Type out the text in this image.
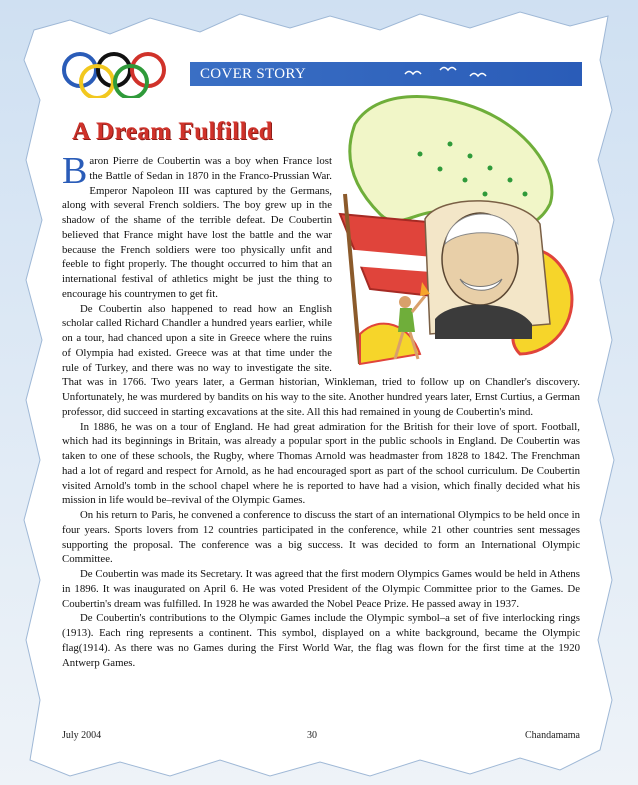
COVER STORY
A Dream Fulfilled

Baron Pierre de Coubertin was a boy when France lost the Battle of Sedan in 1870 in the Franco-Prussian War. Emperor Napoleon III was captured by the Germans, along with several French soldiers. The boy grew up in the shadow of the shame of the terrible defeat. De Coubertin believed that France might have lost the battle and the war because the French soldiers were too physically unfit and feeble to fight properly. The thought occurred to him that an international festival of athletics might be just the thing to encourage his countrymen to get fit.

De Coubertin also happened to read how an English scholar called Richard Chandler a hundred years earlier, while on a tour, had chanced upon a site in Greece where the ruins of Olympia had existed. Greece was at that time under the rule of Turkey, and there was no way to investigate the site. That was in 1766. Two years later, a German historian, Winkleman, tried to follow up on Chandler's discovery. Unfortunately, he was murdered by bandits on his way to the site. Another hundred years later, Ernst Curtius, a German professor, did succeed in starting excavations at the site. All this had remained in young de Coubertin's mind.

In 1886, he was on a tour of England. He had great admiration for the British for their love of sport. Football, which had its beginnings in Britain, was already a popular sport in the public schools in England. De Coubertin was taken to one of these schools, the Rugby, where Thomas Arnold was headmaster from 1828 to 1842. The Frenchman had a lot of regard and respect for Arnold, as he had encouraged sport as part of the school curriculum. De Coubertin visited Arnold's tomb in the school chapel where he is reported to have had a vision, which finally decided what his mission in life would be–revival of the Olympic Games.

On his return to Paris, he convened a conference to discuss the start of an international Olympics to be held once in four years. Sports lovers from 12 countries participated in the conference, while 21 other countries sent messages supporting the proposal. The conference was a big success. It was decided to form an International Olympic Committee.

De Coubertin was made its Secretary. It was agreed that the first modern Olympics Games would be held in Athens in 1896. It was inaugurated on April 6. He was voted President of the Olympic Committee prior to the Games. De Coubertin's dream was fulfilled. In 1928 he was awarded the Nobel Peace Prize. He passed away in 1937.

De Coubertin's contributions to the Olympic Games include the Olympic symbol–a set of five interlocking rings (1913). Each ring represents a continent. This symbol, displayed on a white background, became the Olympic flag(1914). As there was no Games during the First World War, the flag was flown for the first time at the 1920 Antwerp Games.

July 2004	30	Chandamama
